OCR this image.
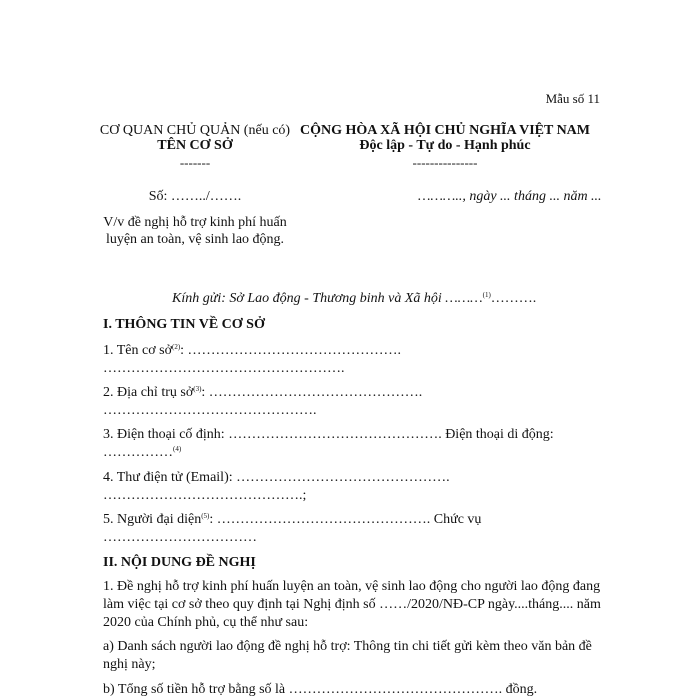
Mẫu số 11
CƠ QUAN CHỦ QUẢN (nếu có)
TÊN CƠ SỞ
-------
CỘNG HÒA XÃ HỘI CHỦ NGHĨA VIỆT NAM
Độc lập - Tự do - Hạnh phúc
---------------
Số: ……../…….	……….., ngày ... tháng ... năm ...
V/v đề nghị hỗ trợ kinh phí huấn
luyện an toàn, vệ sinh lao động.
Kính gửi: Sở Lao động - Thương binh và Xã hội ………$^{(1)}$……….
I. THÔNG TIN VỀ CƠ SỞ
1. Tên cơ sở$^{(2)}$: ……………………………………….
…………………………………………….
2. Địa chỉ trụ sở$^{(3)}$: ……………………………………….
……………………………………….
3. Điện thoại cố định: ………………………………………. Điện thoại di động:
……………$^{(4)}$
4. Thư điện tử (Email): ……………………………………….
…………………………………….;
5. Người đại diện$^{(5)}$: ………………………………………. Chức vụ
……………………………
II. NỘI DUNG ĐỀ NGHỊ
1. Đề nghị hỗ trợ kinh phí huấn luyện an toàn, vệ sinh lao động cho người lao động đang
làm việc tại cơ sở theo quy định tại Nghị định số ……/2020/NĐ-CP ngày....tháng.... năm
2020 của Chính phủ, cụ thể như sau:
a) Danh sách người lao động đề nghị hỗ trợ: Thông tin chi tiết gửi kèm theo văn bản đề
nghị này;
b) Tổng số tiền hỗ trợ bằng số là ………………………………………. đồng.
